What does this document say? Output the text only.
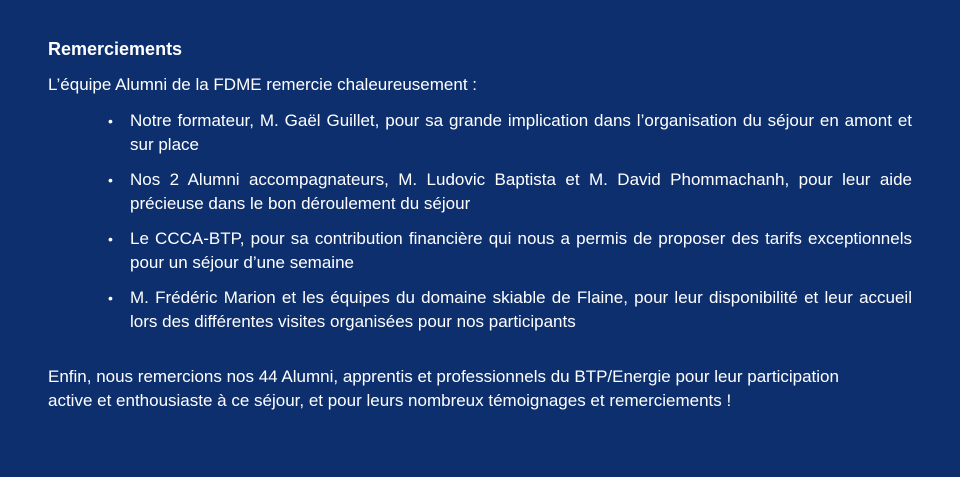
Remerciements

L’équipe Alumni de la FDME remercie chaleureusement :

• Notre formateur, M. Gaël Guillet, pour sa grande implication dans l’organisation du séjour en amont et sur place
• Nos 2 Alumni accompagnateurs, M. Ludovic Baptista et M. David Phommachanh, pour leur aide précieuse dans le bon déroulement du séjour
• Le CCCA-BTP, pour sa contribution financière qui nous a permis de proposer des tarifs exceptionnels pour un séjour d’une semaine
• M. Frédéric Marion et les équipes du domaine skiable de Flaine, pour leur disponibilité et leur accueil lors des différentes visites organisées pour nos participants

Enfin, nous remercions nos 44 Alumni, apprentis et professionnels du BTP/Energie pour leur participation active et enthousiaste à ce séjour, et pour leurs nombreux témoignages et remerciements !
